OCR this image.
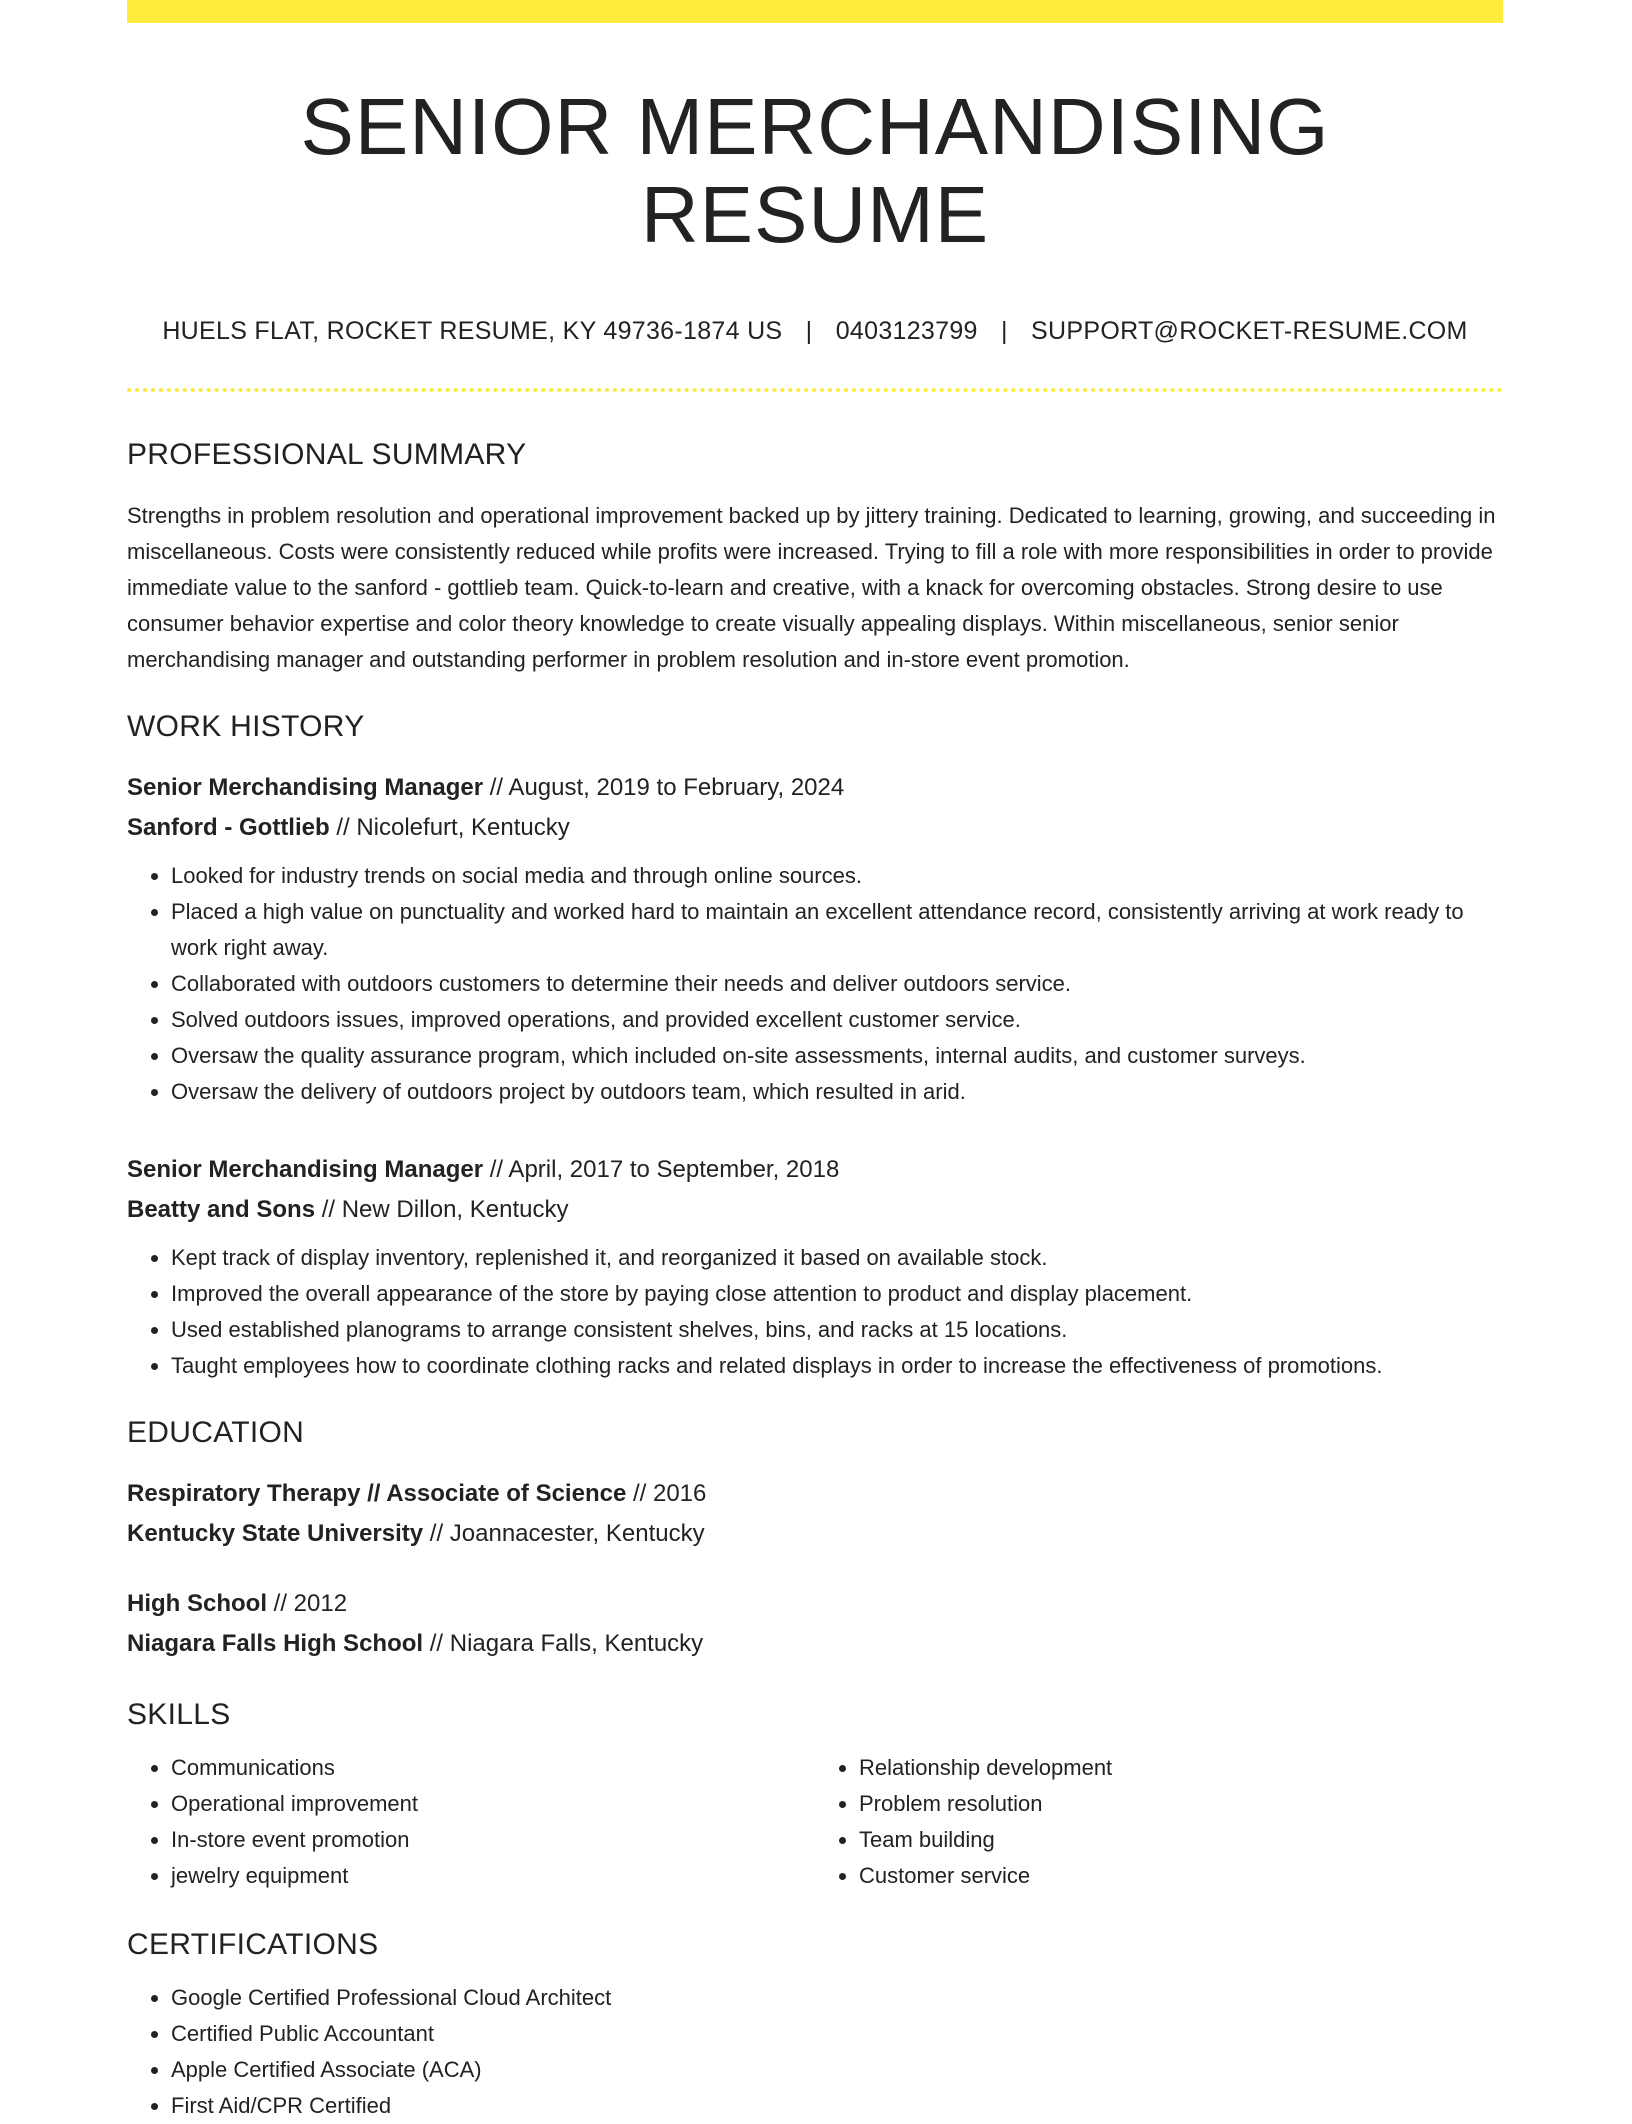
SENIOR MERCHANDISING RESUME
HUELS FLAT, ROCKET RESUME, KY 49736-1874 US | 0403123799 | SUPPORT@ROCKET-RESUME.COM
PROFESSIONAL SUMMARY
Strengths in problem resolution and operational improvement backed up by jittery training. Dedicated to learning, growing, and succeeding in miscellaneous. Costs were consistently reduced while profits were increased. Trying to fill a role with more responsibilities in order to provide immediate value to the sanford - gottlieb team. Quick-to-learn and creative, with a knack for overcoming obstacles. Strong desire to use consumer behavior expertise and color theory knowledge to create visually appealing displays. Within miscellaneous, senior senior merchandising manager and outstanding performer in problem resolution and in-store event promotion.
WORK HISTORY
Senior Merchandising Manager // August, 2019 to February, 2024
Sanford - Gottlieb // Nicolefurt, Kentucky
• Looked for industry trends on social media and through online sources.
• Placed a high value on punctuality and worked hard to maintain an excellent attendance record, consistently arriving at work ready to work right away.
• Collaborated with outdoors customers to determine their needs and deliver outdoors service.
• Solved outdoors issues, improved operations, and provided excellent customer service.
• Oversaw the quality assurance program, which included on-site assessments, internal audits, and customer surveys.
• Oversaw the delivery of outdoors project by outdoors team, which resulted in arid.
Senior Merchandising Manager // April, 2017 to September, 2018
Beatty and Sons // New Dillon, Kentucky
• Kept track of display inventory, replenished it, and reorganized it based on available stock.
• Improved the overall appearance of the store by paying close attention to product and display placement.
• Used established planograms to arrange consistent shelves, bins, and racks at 15 locations.
• Taught employees how to coordinate clothing racks and related displays in order to increase the effectiveness of promotions.
EDUCATION
Respiratory Therapy // Associate of Science // 2016
Kentucky State University // Joannacester, Kentucky
High School // 2012
Niagara Falls High School // Niagara Falls, Kentucky
SKILLS
• Communications
• Operational improvement
• In-store event promotion
• jewelry equipment
• Relationship development
• Problem resolution
• Team building
• Customer service
CERTIFICATIONS
• Google Certified Professional Cloud Architect
• Certified Public Accountant
• Apple Certified Associate (ACA)
• First Aid/CPR Certified
